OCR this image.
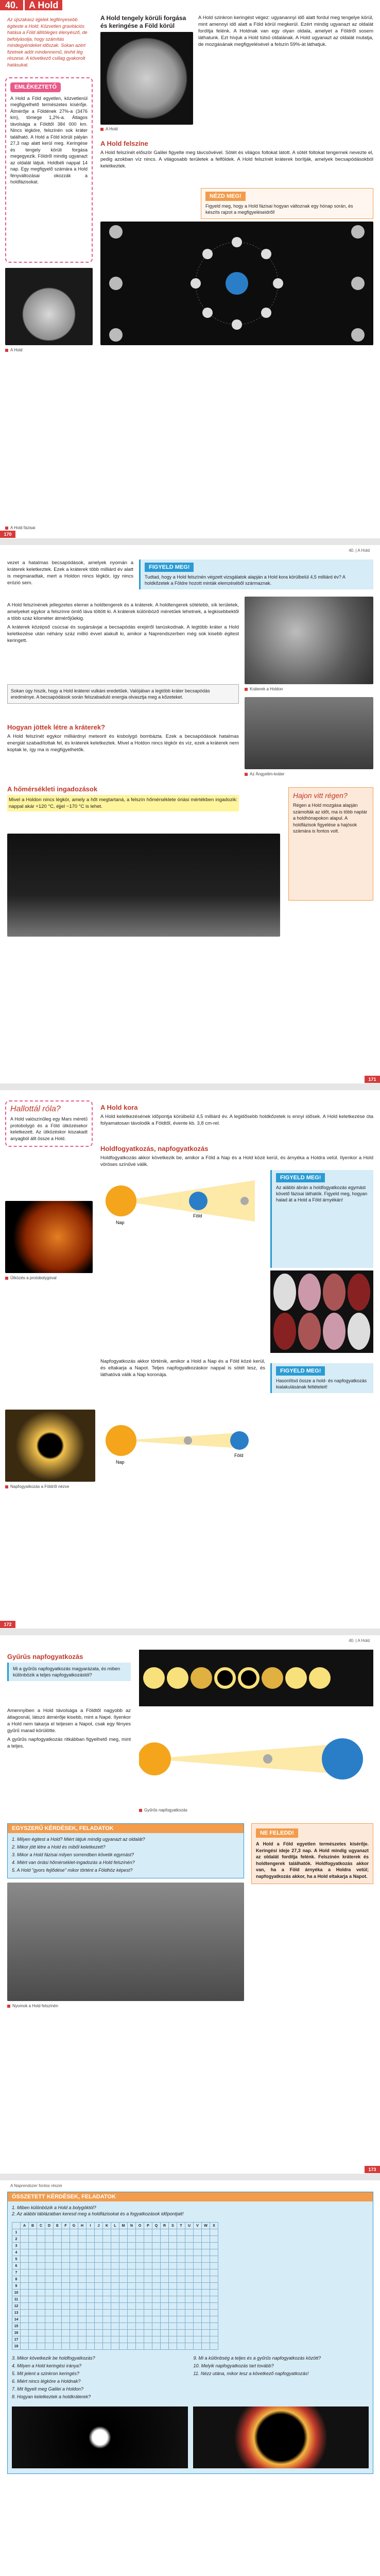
40.	A Hold
Az újszakasz éjjelek legfényesebb égiteste a Hold. Közvetlen gravitációs hatása a Föld állítóleges élenyésző, de befolyásolja, hogy számítás mindegyéndeket időszak. Sokan azért fizetnek adót mindennemű, tévhit lég részese. A következő csillag gyakorolt hatásukat.
EMLÉKEZTETŐ
A Hold a Föld egyetlen, közvetlenül megfigyelhető természetes kísérője. Átmérője a Földének 27%-a (3476 km), tömege 1,2%-a. Átlagos távolsága a Földtől 384 000 km. Nincs légköre, felszínén sok kráter található. A Hold a Föld körüli pályán 27,3 nap alatt kerül meg. Keringése és tengely körüli forgása megegyezik. Földről mindig ugyanazt az oldalát látjuk. Holdbéli nappal 14 nap. Egy megfigyelő számára a Hold fényváltozásai okozzák a holdfázisokat.
A Hold
A Hold tengely körüli forgása és keringése a Föld körül
A Hold
A Hold szinkron keringést végez: ugyanannyi idő alatt fordul meg tengelye körül, mint amennyi idő alatt a Föld körül megkerül. Ezért mindig ugyanazt az oldalát fordítja felénk. A Holdnak van egy olyan oldala, amelyet a Földről sosem láthatunk. Ezt hívjuk a Hold túlsó oldalának. A Hold ugyanazt az oldalát mutatja, de mozgásának megfigyelésével a felszín 59%-át láthatjuk.
A Hold felszíne
A Hold felszínét először Galilei figyelte meg távcsövével. Sötét és világos foltokat látott. A sötét foltokat tengernek nevezte el, pedig azokban víz nincs. A világosabb területek a felföldek. A Hold felszínét kráterek borítják, amelyek becsapódásokból keletkeztek.
NÉZD MEG!
Figyeld meg, hogy a Hold fázisai hogyan változnak egy hónap során, és készíts rajzot a megfigyeléseidről!
A Hold fázisai
170
40. | A Hold
vezet a hatalmas becsapódások, amelyek nyomán a kráterek keletkeztek. Ezek a kráterek több milliárd év alatt is megmaradtak, mert a Holdon nincs légkör, így nincs erózió sem.
FIGYELD MEG!
Tudtad, hogy a Hold felszínén végzett vizsgálatok alapján a Hold kora körülbelül 4,5 milliárd év? A holdkőzetek a Földre hozott minták elemzéséből származnak.

A Hold felszínének jellegzetes elemei a holdtengerek és a kráterek. A holdtengerek sötétebb, sík területek, amelyeket egykor a felszínre ömlő láva töltött ki. A kráterek különböző méretűek lehetnek, a legkisebbektől a több száz kilométer átmérőjűekig.

A kráterek középső csúcsai és sugársávjai a becsapódás erejéről tanúskodnak. A legtöbb kráter a Hold keletkezése után néhány száz millió évvel alakult ki, amikor a Naprendszerben még sok kisebb égitest keringett.

Kráterek a Holdon
Sokan úgy hiszik, hogy a Hold kráterei vulkáni eredetűek. Valójában a legtöbb kráter becsapódás eredménye. A becsapódások során felszabaduló energia olvasztja meg a kőzeteket.
Az Ángyelim-kráter
Hogyan jöttek létre a kráterek?
A Hold felszínét egykor milliárdnyi meteorit és kisbolygó bombázta. Ezek a becsapódások hatalmas energiát szabadítottak fel, és kráterek keletkeztek. Mivel a Holdon nincs légkör és víz, ezek a kráterek nem koptak le, így ma is megfigyelhetők.
A hőmérsékleti ingadozások
Mivel a Holdon nincs légkör, amely a hőt megtartaná, a felszín hőmérséklete óriási mértékben ingadozik: nappal akár +120 °C, éjjel −170 °C is lehet.
Hajon vitt régen?
Régen a Hold mozgása alapján számolták az időt, ma is több naptár a holdhónapokon alapul. A holdfázisok figyelése a hajósok számára is fontos volt.
171
Hallottál róla?
A Hold valószínűleg egy Mars méretű protobolygó és a Föld ütközésekor keletkezett. Az ütközéskor kiszakadt anyagból állt össze a Hold.
Ütközés a protobolygóval
A Hold kora
A Hold keletkezésének időpontja körülbelül 4,5 milliárd év. A legidősebb holdkőzetek is ennyi idősek. A Hold keletkezése óta folyamatosan távolodik a Földtől, évente kb. 3,8 cm-rel.
Holdfogyatkozás, napfogyatkozás
Holdfogyatkozás akkor következik be, amikor a Föld a Nap és a Hold közé kerül, és árnyéka a Holdra vetül. Ilyenkor a Hold vöröses színűvé válik.
Nap
Föld
FIGYELD MEG!
Az alábbi ábrán a holdfogyatkozás egymást követő fázisai láthatók. Figyeld meg, hogyan halad át a Hold a Föld árnyékán!
Napfogyatkozás akkor történik, amikor a Hold a Nap és a Föld közé kerül, és eltakarja a Napot. Teljes napfogyatkozáskor nappal is sötét lesz, és láthatóvá válik a Nap koronája.
Nap
Föld
FIGYELD MEG!
Hasonlítsd össze a hold- és napfogyatkozás kialakulásának feltételeit!
Napfogyatkozás a Földről nézve
172
40. | A Hold
Gyűrűs napfogyatkozás
Mi a gyűrűs napfogyatkozás magyarázata, és miben különbözik a teljes napfogyatkozástól?

Amennyiben a Hold távolsága a Földtől nagyobb az átlagosnál, látszó átmérője kisebb, mint a Napé. Ilyenkor a Hold nem takarja el teljesen a Napot, csak egy fényes gyűrű marad körülötte.

A gyűrűs napfogyatkozás ritkábban figyelhető meg, mint a teljes.

Gyűrűs napfogyatkozás
EGYSZERŰ KÉRDÉSEK, FELADATOK
1. Milyen égitest a Hold? Miért látjuk mindig ugyanazt az oldalát?
2. Mikor jött létre a Hold és miből keletkezett?
3. Mikor a Hold fázisai milyen sorrendben követik egymást?
4. Miért van óriási hőmérséklet-ingadozás a Hold felszínén?
5. A Hold "gyors fejlődése" mikor történt a Földhöz képest?
Nyomok a Hold felszínén
NE FELEDD!
A Hold a Föld egyetlen természetes kísérője. Keringési ideje 27,3 nap. A Hold mindig ugyanazt az oldalát fordítja felénk. Felszínén kráterek és holdtengerek találhatók. Holdfogyatkozás akkor van, ha a Föld árnyéka a Holdra vetül; napfogyatkozás akkor, ha a Hold eltakarja a Napot.
173
A Naprendszer fontos részei
ÖSSZETETT KÉRDÉSEK, FELADATOK
1. Miben különbözik a Hold a bolygóktól?
2. Az alábbi táblázatban keresd meg a holdfázisokat és a fogyatkozások időpontjait!
	A	B	C	D	E	F	G	H	I	J	K	L	M	N	O	P	Q	R	S	T	U	V	W	X
1																								
2																								
3																								
4																								
5																								
6																								
7																								
8																								
9																								
10																								
11																								
12																								
13																								
14																								
15																								
16																								
17																								
18																								
3. Mikor következik be holdfogyatkozás?
4. Milyen a Hold keringési iránya?
5. Mit jelent a szinkron keringés?
6. Miért nincs légköre a Holdnak?
7. Mit figyelt meg Galilei a Holdon?
8. Hogyan keletkeztek a holdkráterek?
9. Mi a különbség a teljes és a gyűrűs napfogyatkozás között?
10. Melyik napfogyatkozás tart tovább?
11. Nézz utána, mikor lesz a következő napfogyatkozás!
